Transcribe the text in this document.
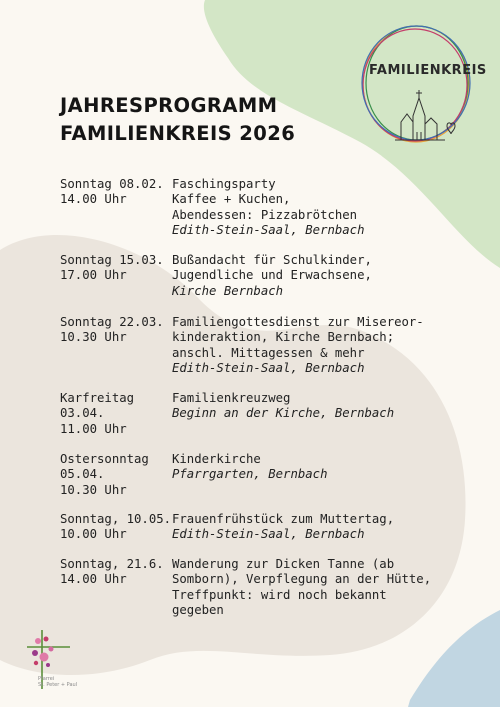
FAMILIENKREIS
JAHRESPROGRAMM
FAMILIENKREIS 2026
Sonntag 08.02.
14.00 Uhr
Faschingsparty
Kaffee + Kuchen,
Abendessen: Pizzabrötchen
Edith-Stein-Saal, Bernbach
Sonntag 15.03.
17.00 Uhr
Bußandacht für Schulkinder,
Jugendliche und Erwachsene,
Kirche Bernbach
Sonntag 22.03.
10.30 Uhr
Familiengottesdienst zur Misereor-
kinderaktion, Kirche Bernbach;
anschl. Mittagessen & mehr
Edith-Stein-Saal, Bernbach
Karfreitag
03.04.
11.00 Uhr
Familienkreuzweg
Beginn an der Kirche, Bernbach
Ostersonntag
05.04.
10.30 Uhr
Kinderkirche
Pfarrgarten, Bernbach
Sonntag, 10.05.
10.00 Uhr
Frauenfrühstück zum Muttertag,
Edith-Stein-Saal, Bernbach
Sonntag, 21.6.
14.00 Uhr
Wanderung zur Dicken Tanne (ab
Somborn), Verpflegung an der Hütte,
Treffpunkt: wird noch bekannt
gegeben
Pfarrei
St. Peter + Paul
